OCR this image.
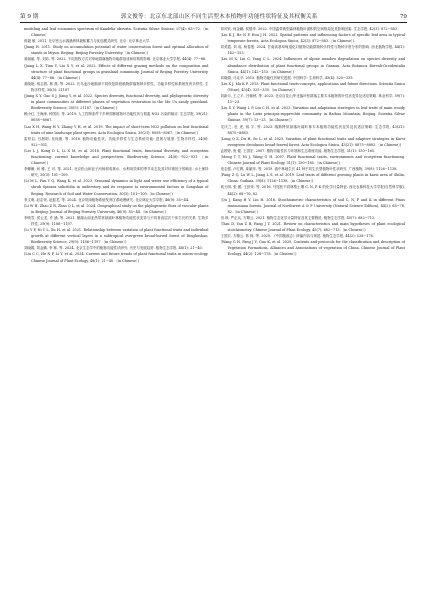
第 9 期	郭文俊等：北京东北部山区不同生活型木本植物叶功能性状特征及其权衡关系	79

modeling and leaf economics spectrum of Kandelia obovata. Scientia Silvae Sinicae, 57(4): 63−72.〔in Chinese〕

蒋毅 敏. 2011. 北京密云水源涵养林最积蓄力与优选模式研究. 北京: 北京林业大学.

(Jiang H. 2011. Study on accumulation potential of water conservation forest and optimal allocation of stands in Miyun. Beijing: Beijing Forestry University.〔in Chinese〕)

姜丽丽, 等, 刘彩, 等. 2022. 不同放牧方式对草地群落植物功能群组成和结构的影响. 北京林业大学学报, 44(4): 77−86.

(Jiang L X, Tian Y, Liu X Y, et al. 2022. Effects of different grazing methods on the composition and structure of plant functional groups in grassland community. Journal of Beijing Forestry University, 44(4): 77−86.〔in Chinese〕)

姜晓艳, 蒋志胜, 林 燕, 等. 2022. 长乌麦沙地植被不同恢复阶段植物群落物种多样性、功能多样性和系统发育多样性. 生物多样性, 30(5): 21187.

(Jiang X Y, Gao S J, Jiang Y, et al. 2022. Species diversity, functional diversity, and phylogenetic diversity in plant communities at different phases of vegetation restoration in the Mu Us sandy grassland. Biodiversity Science, 30(5): 21187.〔in Chinese〕)

赖小红, 王海涛, 钟国庆, 等. 2019. 人工控制条件下乡种园林植物叶功能性状与氮素 NO2 污染的响应. 生态学报, 39(21): 8058−8067.

(Lai X H, Wang H Y, Zhang Y H, et al. 2019. The impact of short-term NO2 pollution on leaf functional traits of nine landscape plant species. Acta Ecologica Sinica, 39(21): 8058−8067.〔in Chinese〕)

雷梓启, 吕晨明, 吴纯康, 等. 2016. 植物功能性状、功能多样性与生态系统功能: 进展与展望. 生物多样性, 24(8): 922−931.

(Lei L J, Kong D L, Li X M, et al. 2016. Plant functional traits, functional diversity, and ecosystem functioning: current knowledge and perspectives. Biodiversity Science, 24(8): 922−931.〔in Chinese〕)

李姗姗, 何 雅, 王 可, 等. 2021. 北京松山和亚子河杨树成林水、水利用效率的季节动态及其对环境因子的响应. 水土保持研究, 30(3): 101−109.

(Li M L, Fan Y Q, Wang K, et al. 2023. Seasonal dynamics in light and water use efficiency of a typical shrub Spiraea salicifolia in understory and its response to environmental factors in Songshan of Beijing. Research of Soil and Water Conservation, 30(3): 101−109.〔in Chinese〕)

李文明, 赵志荣, 赵振龙, 等. 2024. 北京常绿植物系统发育区系地理研究. 北京林业大学学报, 46(9): 35−44.

(Li W H, Zhao Z R, Zhao Q L, et al. 2024. Geographical study on the phylogenetic flora of vascular plants in Beijing. Journal of Beijing Forestry University, 46(9): 35−44.〔in Chinese〕)

李映雪, 侯云龙, 许 涵, 等. 2021. 鼎湖山南亚热带常绿阔叶林植物功能性状变异与不同垂直层次个体生长的关系. 生物多样性, 29(9): 1186−1197.

(Li Y P, Ni Y L, Xu H, et al. 2021. Relationship between variation of plant functional traits and individual growth at different vertical layers in a subtropical evergreen broad-leaved forest of Dinghushan. Biodiversity Science, 29(9): 1186−1197.〔in Chinese〕)

刘晓娟, 刘金鹏, 李 林, 等. 2024. 北京生态学中的植物功能性状研究: 历史与发展趋势. 植物生态学报, 48(1): 21−40.

(Liu C C, He N P, Li Y, et al. 2024. Current and future trends of plant functional traits in macro-ecology. Chinese Journal of Plant Ecology, 48(1): 21−40.〔in Chinese〕)

刘可钦, 何金鹏, 侯德华. 2022. 中国温带典型森林植物叶面积的空间格局及其影响因素. 生态学报, 42(3): 872−883.

(Liu K J, He N P, Hou J H. 2022. Spatial patterns and influencing factors of specific leaf area in typical temperate forests. Acta Ecologica Sinica, 42(3): 872−883.〔in Chinese〕)

刘美霞, 刘 成, 杨春莲. 2024. 甘南高寒草甸退化对植物功能群物种多样性与物种多度分布的影响. 西北植物学报, 44(1): 142−153.

(Liu M X, Liu C, Yang C L. 2024. Influences of alpine meadow degradation on species diversity and abundance distribution of plant functional groups in Gannan. Acta Botanica Boreali-Occidentalia Sinica, 44(1): 142−153.〔in Chinese〕)

刘晓娟, 马克平. 2015. 植物功能性状研究进展. 中国科学: 生命科学, 45(4): 325−339.

(Liu X J, Ma K P. 2015. Plant functional traits-concepts, applications and future directions. Scientia Sinica (Vitae), 45(4): 325−339.〔in Chinese〕)

刘新月, 王立平, 吕翰秋, 等. 2023. 北京百花山华北落叶松群落主要木本植物的叶性状变异及适应策略. 林业科学, 59(7): 13−23.

(Liu X Y, Wang L P, Liu C H, et al. 2023. Variation and adaptation strategies in leaf traits of main woody plants in the Larix principis-rupprechtii community in Baihua Mountain, Beijing. Scientia Silvae Sinicae, 59(7): 13−23.〔in Chinese〕)

龙庆之, 杜 虎, 蒋 宇, 等. 2023. 喀斯特常绿落叶阔叶林木本植物功能性状变异及其适应策略. 生态学报, 43(21): 8875−8883.

(Long Q Z, Du H, Su L, et al. 2023. Variation of plant functional traits and adaptive strategies in Karst evergreen deciduous broad-leaved forest. Acta Ecologica Sinica, 43(21): 8875−8883.〔in Chinese〕)

孟婷婷, 倪 健, 王国宏. 2007. 植物功能性状与环境和生态系统功能. 植物生态学报, 31(1): 150−165.

(Meng T T, Ni J, Wang G H. 2007. Plant functional traits, environments and ecosystem functioning. Chinese Journal of Plant Ecology, 31(1): 150−165.〔in Chinese〕)

庞志强, 卢红辉, 姜丽萍, 等. 2019. 滇中林地生长 41 种不同生长型植物叶性状研究. 广西植物, 39(8): 1126−1138.

(Pang Z Q, Lu W L, Jiang L S, et al. 2019. Leaf traits of different growing plants in karst area of Shilin, China. Guihaia, 39(8): 1126−1138.〔in Chinese〕)

戚天明, 张 赟, 王世荣, 等. 2016. 马尾松不同林型土壤 C, N, P, K 的化学计量特征. 西北农林科技大学学报(自然科学版), 44(2): 68−76, 82.

(Qu J, Kang H Y, Lin H. 2016. Stoichiometric characteristics of soil C, N, P and K in different Pinus massoniana forests. Journal of Northwest A & F University (Natural Science Edition), 44(2): 68−76, 82.〔in Chinese〕)

田 珍, 严正兵, 方精云. 2021. 植物生态化学计量特征及其主要假说. 植物生态学报, 45(7): 682−713.

(Tian D, Yan Z B, Fang J Y. 2021. Review on characteristics and main hypotheses of plant ecological stoichiometry. Chinese Journal of Plant Ecology, 45(7): 682−713.〔in Chinese〕)

王国宏, 方精云, 郭 柯, 等. 2020. 《中国植被志》研编内容与规范. 植物生态学报, 44(2): 128−178.

(Wang G H, Fang J Y, Guo K, et al. 2020. Contents and protocols for the classification and description of Vegetation Formations, Alliances and Associations of vegetation of China. Chinese Journal of Plant Ecology, 44(2): 128−178.〔in Chinese〕)
